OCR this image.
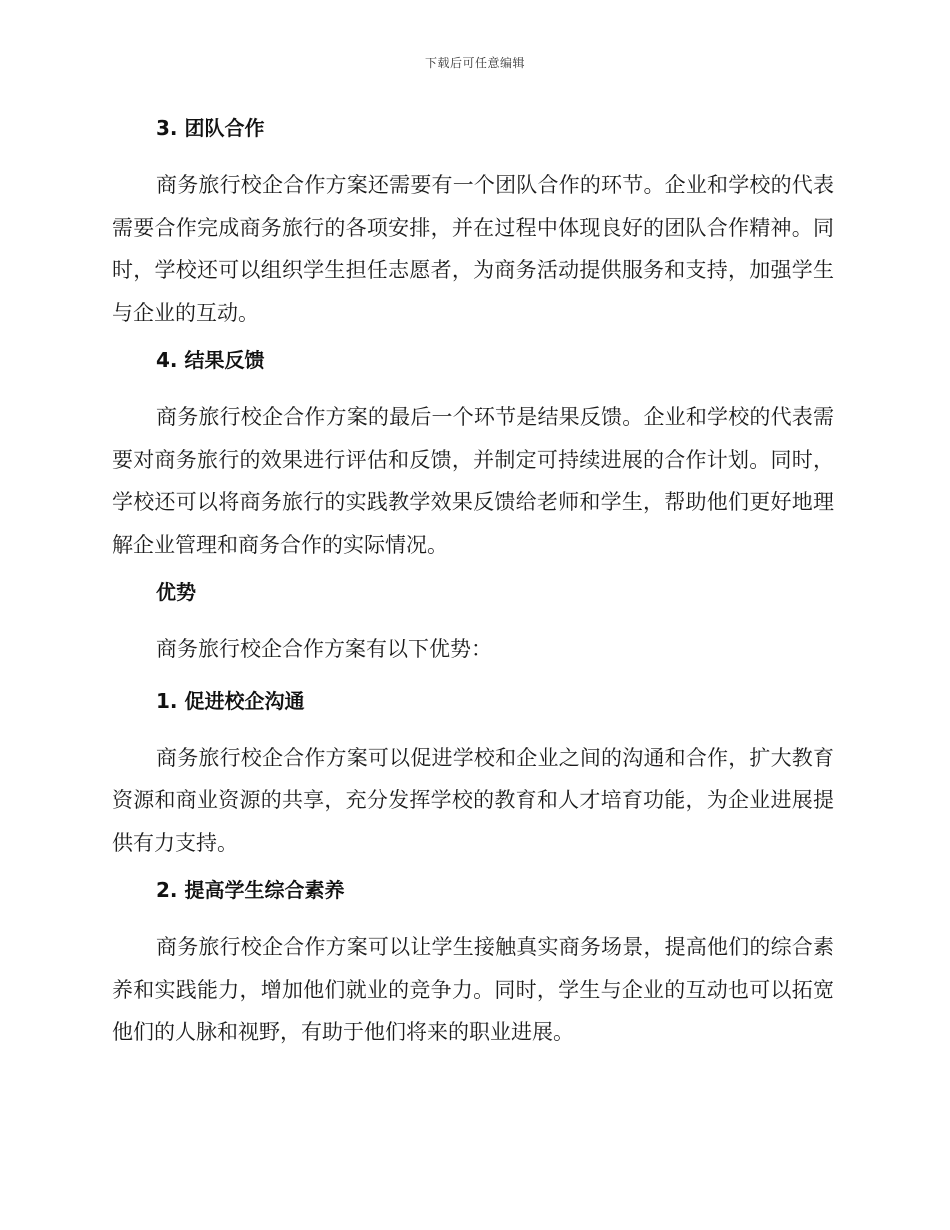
下载后可任意编辑
3. 团队合作

商务旅行校企合作方案还需要有一个团队合作的环节。企业和学校的代表需要合作完成商务旅行的各项安排，并在过程中体现良好的团队合作精神。同时，学校还可以组织学生担任志愿者，为商务活动提供服务和支持，加强学生与企业的互动。

4. 结果反馈

商务旅行校企合作方案的最后一个环节是结果反馈。企业和学校的代表需要对商务旅行的效果进行评估和反馈，并制定可持续进展的合作计划。同时，学校还可以将商务旅行的实践教学效果反馈给老师和学生，帮助他们更好地理解企业管理和商务合作的实际情况。

优势

商务旅行校企合作方案有以下优势：

1. 促进校企沟通

商务旅行校企合作方案可以促进学校和企业之间的沟通和合作，扩大教育资源和商业资源的共享，充分发挥学校的教育和人才培育功能，为企业进展提供有力支持。

2. 提高学生综合素养

商务旅行校企合作方案可以让学生接触真实商务场景，提高他们的综合素养和实践能力，增加他们就业的竞争力。同时，学生与企业的互动也可以拓宽他们的人脉和视野，有助于他们将来的职业进展。
